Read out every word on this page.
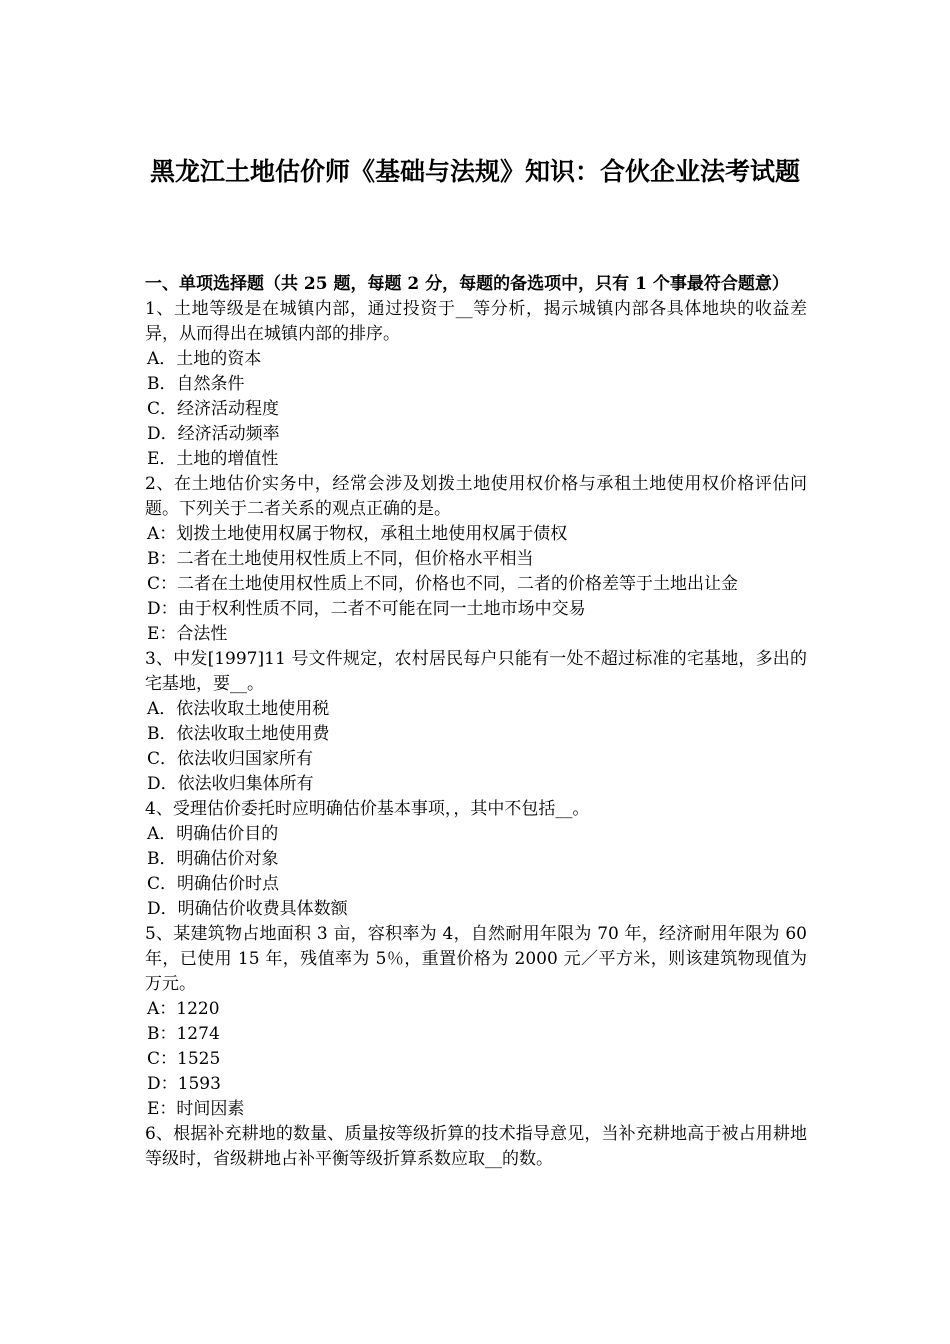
黑龙江土地估价师《基础与法规》知识：合伙企业法考试题

一、单项选择题（共 25 题，每题 2 分，每题的备选项中，只有 1 个事最符合题意）

1、土地等级是在城镇内部，通过投资于__等分析，揭示城镇内部各具体地块的收益差异，从而得出在城镇内部的排序。

A．土地的资本

B．自然条件

C．经济活动程度

D．经济活动频率

E．土地的增值性

2、在土地估价实务中，经常会涉及划拨土地使用权价格与承租土地使用权价格评估问题。下列关于二者关系的观点正确的是。

A：划拨土地使用权属于物权，承租土地使用权属于债权

B：二者在土地使用权性质上不同，但价格水平相当

C：二者在土地使用权性质上不同，价格也不同，二者的价格差等于土地出让金

D：由于权利性质不同，二者不可能在同一土地市场中交易

E：合法性

3、中发[1997]11 号文件规定，农村居民每户只能有一处不超过标准的宅基地，多出的宅基地，要__。

A．依法收取土地使用税

B．依法收取土地使用费

C．依法收归国家所有

D．依法收归集体所有

4、受理估价委托时应明确估价基本事项，，其中不包括__。

A．明确估价目的

B．明确估价对象

C．明确估价时点

D．明确估价收费具体数额

5、某建筑物占地面积 3 亩，容积率为 4，自然耐用年限为 70 年，经济耐用年限为 60 年，已使用 15 年，残值率为 5％，重置价格为 2000 元／平方米，则该建筑物现值为万元。

A：1220

B：1274

C：1525

D：1593

E：时间因素

6、根据补充耕地的数量、质量按等级折算的技术指导意见，当补充耕地高于被占用耕地等级时，省级耕地占补平衡等级折算系数应取__的数。
